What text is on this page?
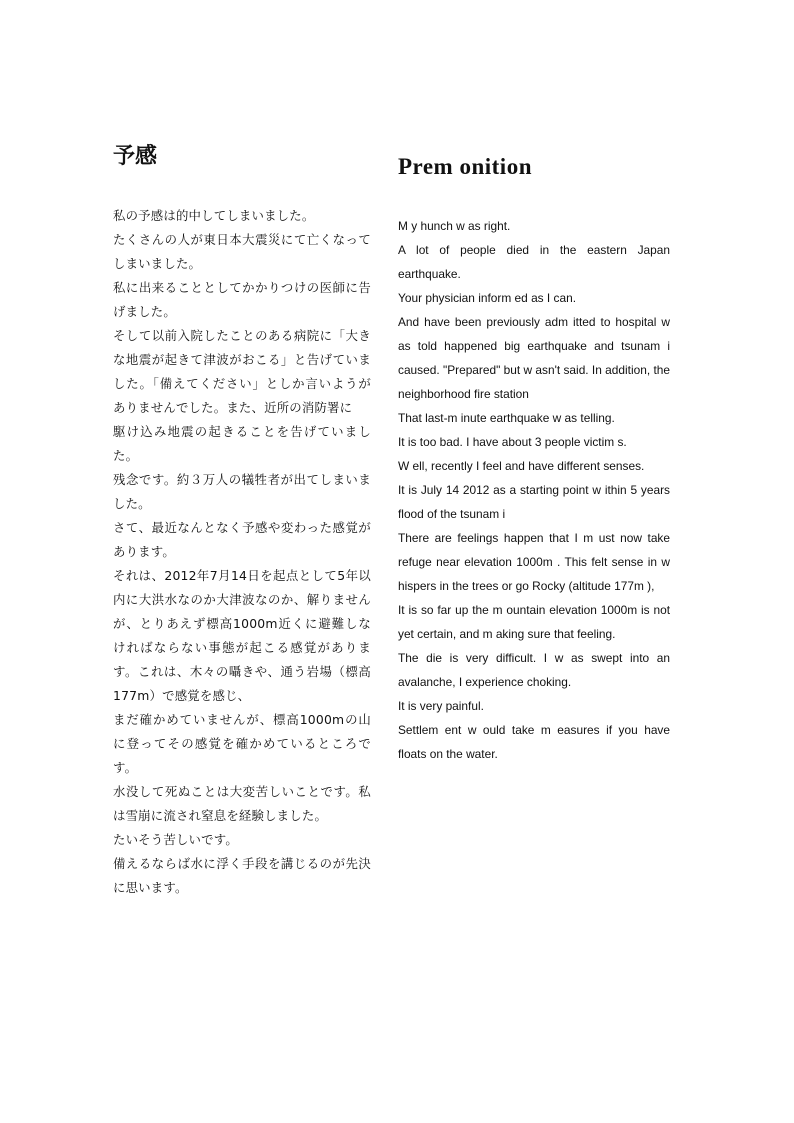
予感

私の予感は的中してしまいました。

たくさんの人が東日本大震災にて亡くなってしまいました。

私に出来ることとしてかかりつけの医師に告げました。

そして以前入院したことのある病院に「大きな地震が起きて津波がおこる」と告げていました。「備えてください」としか言いようがありませんでした。また、近所の消防署に

駆け込み地震の起きることを告げていました。

残念です。約３万人の犠牲者が出てしまいました。

さて、最近なんとなく予感や変わった感覚があります。

それは、2012年7月14日を起点として5年以内に大洪水なのか大津波なのか、解りませんが、とりあえず標高1000m近くに避難しなければならない事態が起こる感覚があります。これは、木々の囁きや、通う岩場（標高 177m）で感覚を感じ、

まだ確かめていませんが、標高1000mの山に登ってその感覚を確かめているところです。

水没して死ぬことは大変苦しいことです。私は雪崩に流され窒息を経験しました。

たいそう苦しいです。

備えるならば水に浮く手段を講じるのが先決に思います。

Prem onition

M y hunch w as right.

A lot of people died in the eastern Japan earthquake.

Your physician inform ed as I can.

And have been previously adm itted to hospital w as told happened big earthquake and tsunam i caused. "Prepared" but w asn't said. In addition, the neighborhood fire station

That last-m inute earthquake w as telling.

It is too bad. I have about 3 people victim s.

W ell, recently I feel and have different senses.

It is July 14 2012 as a starting point w ithin 5 years flood of the tsunam i

There are feelings happen that I m ust now take refuge near elevation 1000m . This felt sense in w hispers in the trees or go Rocky (altitude 177m ),

It is so far up the m ountain elevation 1000m is not yet certain, and m aking sure that feeling.

The die is very difficult. I w as swept into an avalanche, I experience choking.

It is very painful.

Settlem ent w ould take m easures if you have floats on the water.
